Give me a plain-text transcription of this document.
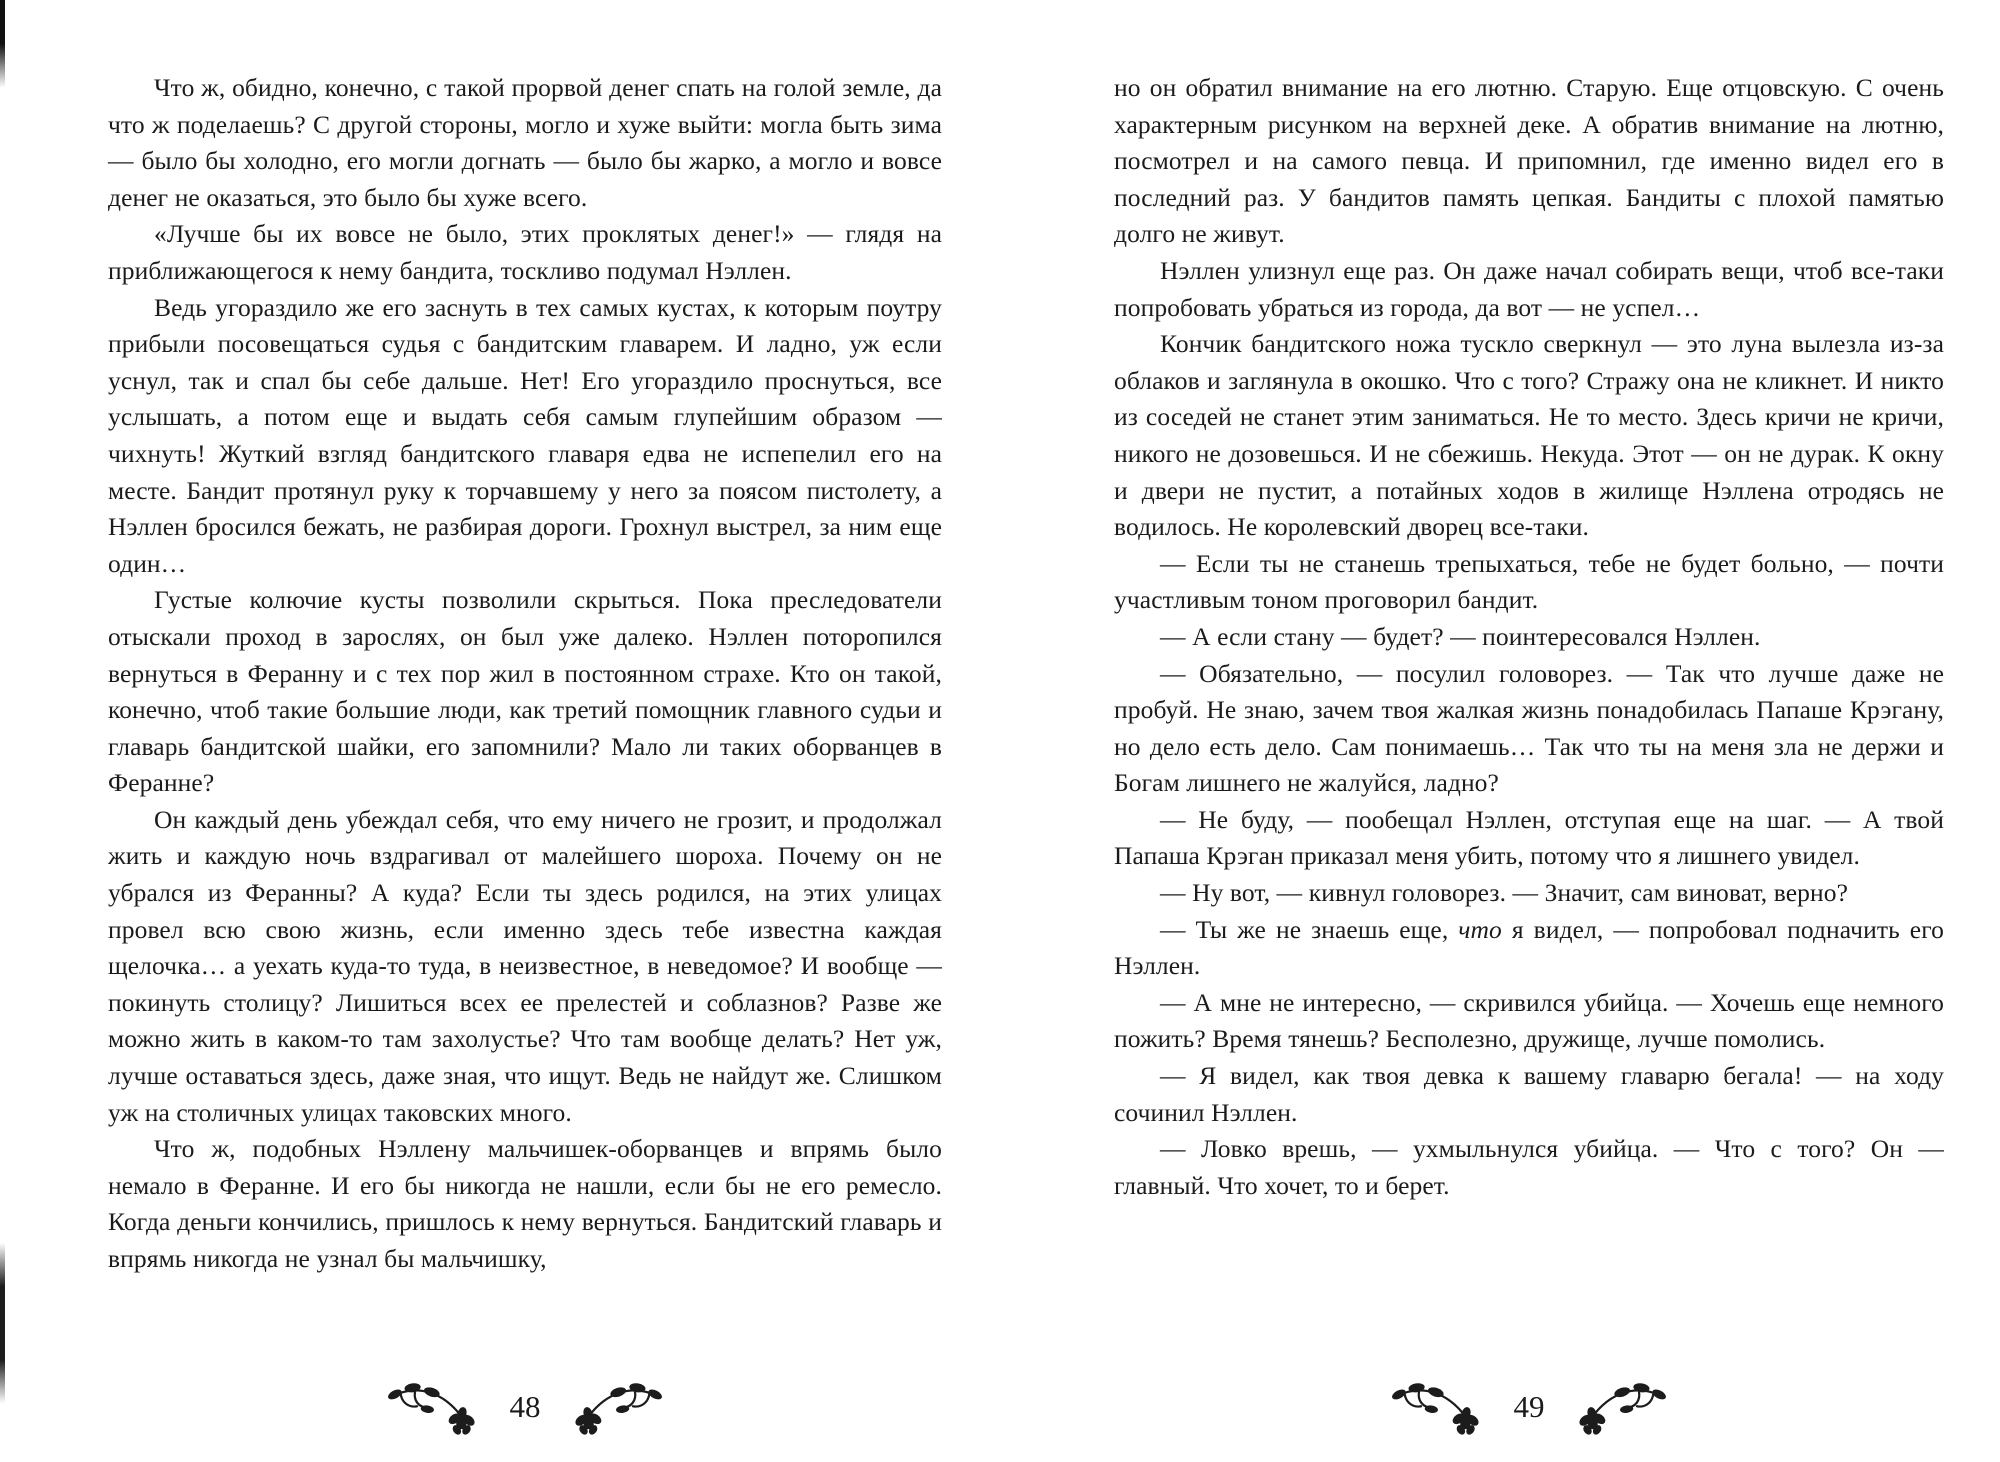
Что ж, обидно, конечно, с такой прорвой денег спать на голой земле, да что ж поделаешь? С другой стороны, могло и хуже выйти: могла быть зима — было бы холодно, его могли догнать — было бы жарко, а могло и вовсе денег не оказаться, это было бы хуже всего.

«Лучше бы их вовсе не было, этих проклятых денег!» — глядя на приближающегося к нему бандита, тоскливо подумал Нэллен.

Ведь угораздило же его заснуть в тех самых кустах, к которым поутру прибыли посовещаться судья с бандитским главарем. И ладно, уж если уснул, так и спал бы себе дальше. Нет! Его угораздило проснуться, все услышать, а потом еще и выдать себя самым глупейшим образом — чихнуть! Жуткий взгляд бандитского главаря едва не испепелил его на месте. Бандит протянул руку к торчавшему у него за поясом пистолету, а Нэллен бросился бежать, не разбирая дороги. Грохнул выстрел, за ним еще один…

Густые колючие кусты позволили скрыться. Пока преследователи отыскали проход в зарослях, он был уже далеко. Нэллен поторопился вернуться в Феранну и с тех пор жил в постоянном страхе. Кто он такой, конечно, чтоб такие большие люди, как третий помощник главного судьи и главарь бандитской шайки, его запомнили? Мало ли таких оборванцев в Феранне?

Он каждый день убеждал себя, что ему ничего не грозит, и продолжал жить и каждую ночь вздрагивал от малейшего шороха. Почему он не убрался из Феранны? А куда? Если ты здесь родился, на этих улицах провел всю свою жизнь, если именно здесь тебе известна каждая щелочка… а уехать куда-то туда, в неизвестное, в неведомое? И вообще — покинуть столицу? Лишиться всех ее прелестей и соблазнов? Разве же можно жить в каком-то там захолустье? Что там вообще делать? Нет уж, лучше оставаться здесь, даже зная, что ищут. Ведь не найдут же. Слишком уж на столичных улицах таковских много.

Что ж, подобных Нэллену мальчишек-оборванцев и впрямь было немало в Феранне. И его бы никогда не нашли, если бы не его ремесло. Когда деньги кончились, пришлось к нему вернуться. Бандитский главарь и впрямь никогда не узнал бы мальчишку,

48

но он обратил внимание на его лютню. Старую. Еще отцовскую. С очень характерным рисунком на верхней деке. А обратив внимание на лютню, посмотрел и на самого певца. И припомнил, где именно видел его в последний раз. У бандитов память цепкая. Бандиты с плохой памятью долго не живут.

Нэллен улизнул еще раз. Он даже начал собирать вещи, чтоб все-таки попробовать убраться из города, да вот — не успел…

Кончик бандитского ножа тускло сверкнул — это луна вылезла из-за облаков и заглянула в окошко. Что с того? Стражу она не кликнет. И никто из соседей не станет этим заниматься. Не то место. Здесь кричи не кричи, никого не дозовешься. И не сбежишь. Некуда. Этот — он не дурак. К окну и двери не пустит, а потайных ходов в жилище Нэллена отродясь не водилось. Не королевский дворец все-таки.

— Если ты не станешь трепыхаться, тебе не будет больно, — почти участливым тоном проговорил бандит.

— А если стану — будет? — поинтересовался Нэллен.

— Обязательно, — посулил головорез. — Так что лучше даже не пробуй. Не знаю, зачем твоя жалкая жизнь понадобилась Папаше Крэгану, но дело есть дело. Сам понимаешь… Так что ты на меня зла не держи и Богам лишнего не жалуйся, ладно?

— Не буду, — пообещал Нэллен, отступая еще на шаг. — А твой Папаша Крэган приказал меня убить, потому что я лишнего увидел.

— Ну вот, — кивнул головорез. — Значит, сам виноват, верно?

— Ты же не знаешь еще, что я видел, — попробовал подначить его Нэллен.

— А мне не интересно, — скривился убийца. — Хочешь еще немного пожить? Время тянешь? Бесполезно, дружище, лучше помолись.

— Я видел, как твоя девка к вашему главарю бегала! — на ходу сочинил Нэллен.

— Ловко врешь, — ухмыльнулся убийца. — Что с того? Он — главный. Что хочет, то и берет.

49
